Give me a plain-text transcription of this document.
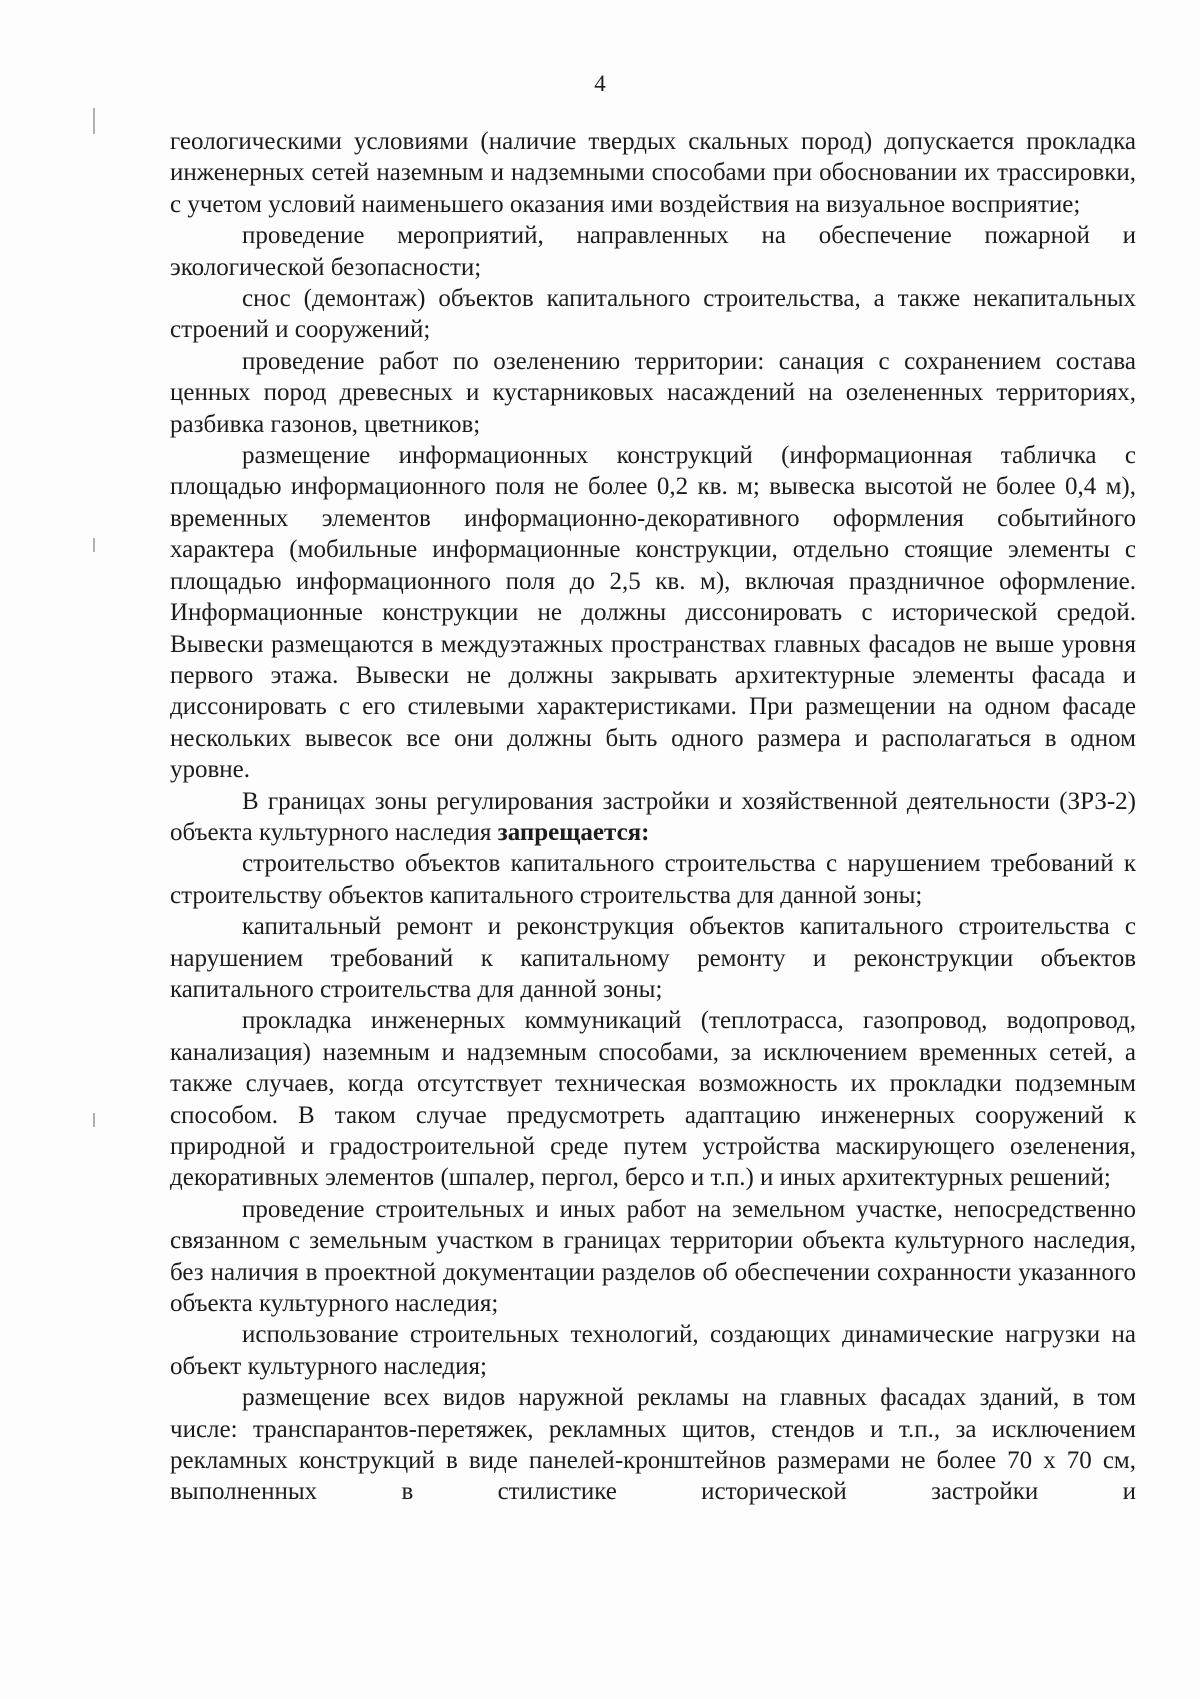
4

геологическими условиями (наличие твердых скальных пород) допускается прокладка инженерных сетей наземным и надземными способами при обосновании их трассировки, с учетом условий наименьшего оказания ими воздействия на визуальное восприятие;

проведение мероприятий, направленных на обеспечение пожарной и экологической безопасности;

снос (демонтаж) объектов капитального строительства, а также некапитальных строений и сооружений;

проведение работ по озеленению территории: санация с сохранением состава ценных пород древесных и кустарниковых насаждений на озелененных территориях, разбивка газонов, цветников;

размещение информационных конструкций (информационная табличка с площадью информационного поля не более 0,2 кв. м; вывеска высотой не более 0,4 м), временных элементов информационно-декоративного оформления событийного характера (мобильные информационные конструкции, отдельно стоящие элементы с площадью информационного поля до 2,5 кв. м), включая праздничное оформление. Информационные конструкции не должны диссонировать с исторической средой. Вывески размещаются в междуэтажных пространствах главных фасадов не выше уровня первого этажа. Вывески не должны закрывать архитектурные элементы фасада и диссонировать с его стилевыми характеристиками. При размещении на одном фасаде нескольких вывесок все они должны быть одного размера и располагаться в одном уровне.

В границах зоны регулирования застройки и хозяйственной деятельности (ЗРЗ-2) объекта культурного наследия запрещается:

строительство объектов капитального строительства с нарушением требований к строительству объектов капитального строительства для данной зоны;

капитальный ремонт и реконструкция объектов капитального строительства с нарушением требований к капитальному ремонту и реконструкции объектов капитального строительства для данной зоны;

прокладка инженерных коммуникаций (теплотрасса, газопровод, водопровод, канализация) наземным и надземным способами, за исключением временных сетей, а также случаев, когда отсутствует техническая возможность их прокладки подземным способом. В таком случае предусмотреть адаптацию инженерных сооружений к природной и градостроительной среде путем устройства маскирующего озеленения, декоративных элементов (шпалер, пергол, берсо и т.п.) и иных архитектурных решений;

проведение строительных и иных работ на земельном участке, непосредственно связанном с земельным участком в границах территории объекта культурного наследия, без наличия в проектной документации разделов об обеспечении сохранности указанного объекта культурного наследия;

использование строительных технологий, создающих динамические нагрузки на объект культурного наследия;

размещение всех видов наружной рекламы на главных фасадах зданий, в том числе: транспарантов-перетяжек, рекламных щитов, стендов и т.п., за исключением рекламных конструкций в виде панелей-кронштейнов размерами не более 70 х 70 см, выполненных в стилистике исторической застройки и
